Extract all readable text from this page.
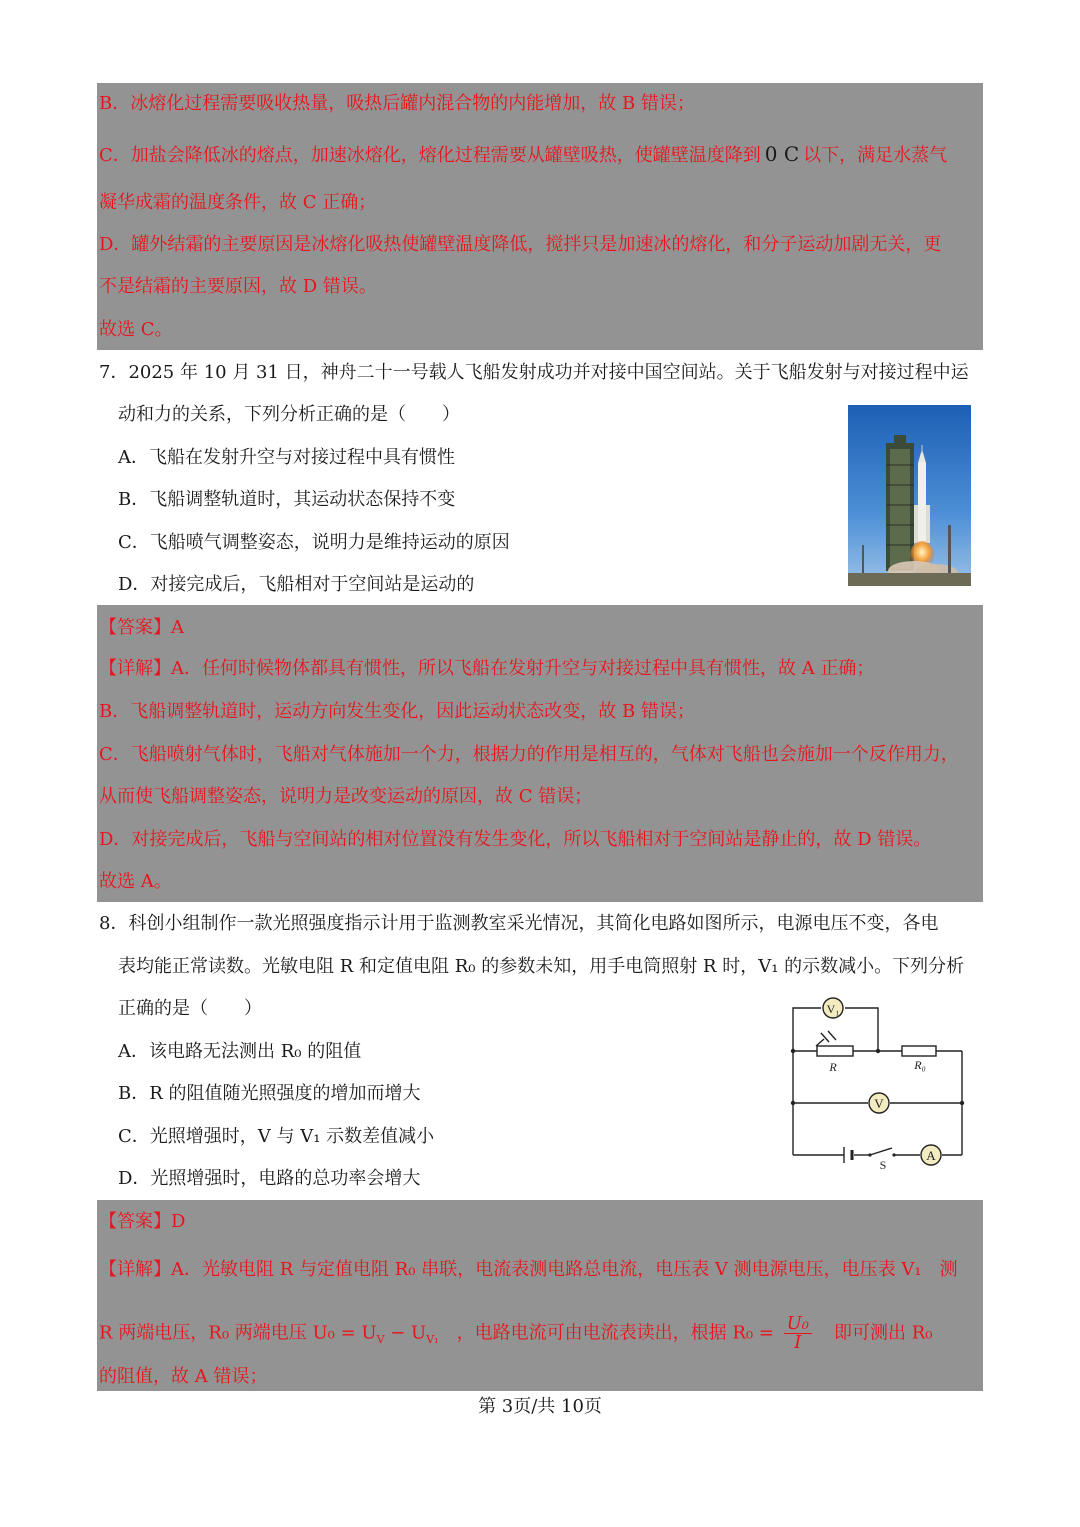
B．冰熔化过程需要吸收热量，吸热后罐内混合物的内能增加，故 B 错误；
C．加盐会降低冰的熔点，加速冰熔化，熔化过程需要从罐壁吸热，使罐壁温度降到 0 C 以下，满足水蒸气
凝华成霜的温度条件，故 C 正确；
D．罐外结霜的主要原因是冰熔化吸热使罐壁温度降低，搅拌只是加速冰的熔化，和分子运动加剧无关，更
不是结霜的主要原因，故 D 错误。
故选 C。
7．2025 年 10 月 31 日，神舟二十一号载人飞船发射成功并对接中国空间站。关于飞船发射与对接过程中运
动和力的关系，下列分析正确的是（　　）
A．飞船在发射升空与对接过程中具有惯性
B．飞船调整轨道时，其运动状态保持不变
C．飞船喷气调整姿态，说明力是维持运动的原因
D．对接完成后，飞船相对于空间站是运动的
【答案】A
【详解】A．任何时候物体都具有惯性，所以飞船在发射升空与对接过程中具有惯性，故 A 正确；
B．飞船调整轨道时，运动方向发生变化，因此运动状态改变，故 B 错误；
C．飞船喷射气体时，飞船对气体施加一个力，根据力的作用是相互的，气体对飞船也会施加一个反作用力，
从而使飞船调整姿态，说明力是改变运动的原因，故 C 错误；
D．对接完成后，飞船与空间站的相对位置没有发生变化，所以飞船相对于空间站是静止的，故 D 错误。
故选 A。
8．科创小组制作一款光照强度指示计用于监测教室采光情况，其简化电路如图所示，电源电压不变，各电
表均能正常读数。光敏电阻 R 和定值电阻 R₀ 的参数未知，用手电筒照射 R 时，V₁ 的示数减小。下列分析
正确的是（　　）
A．该电路无法测出 R₀ 的阻值
B．R 的阻值随光照强度的增加而增大
C．光照增强时，V 与 V₁ 示数差值减小
D．光照增强时，电路的总功率会增大
V₁
V
A
R	R₀
S
【答案】D
【详解】A．光敏电阻 R 与定值电阻 R₀ 串联，电流表测电路总电流，电压表 V 测电源电压，电压表 V₁　测
R 两端电压，R₀ 两端电压 $U_0 = U_V - U_{V_1}$　，电路电流可由电流表读出，根据 $R_0 = \frac{\text{U₀}}{I}$ 　即可测出 R₀
的阻值，故 A 错误；
第 3页/共 10页
